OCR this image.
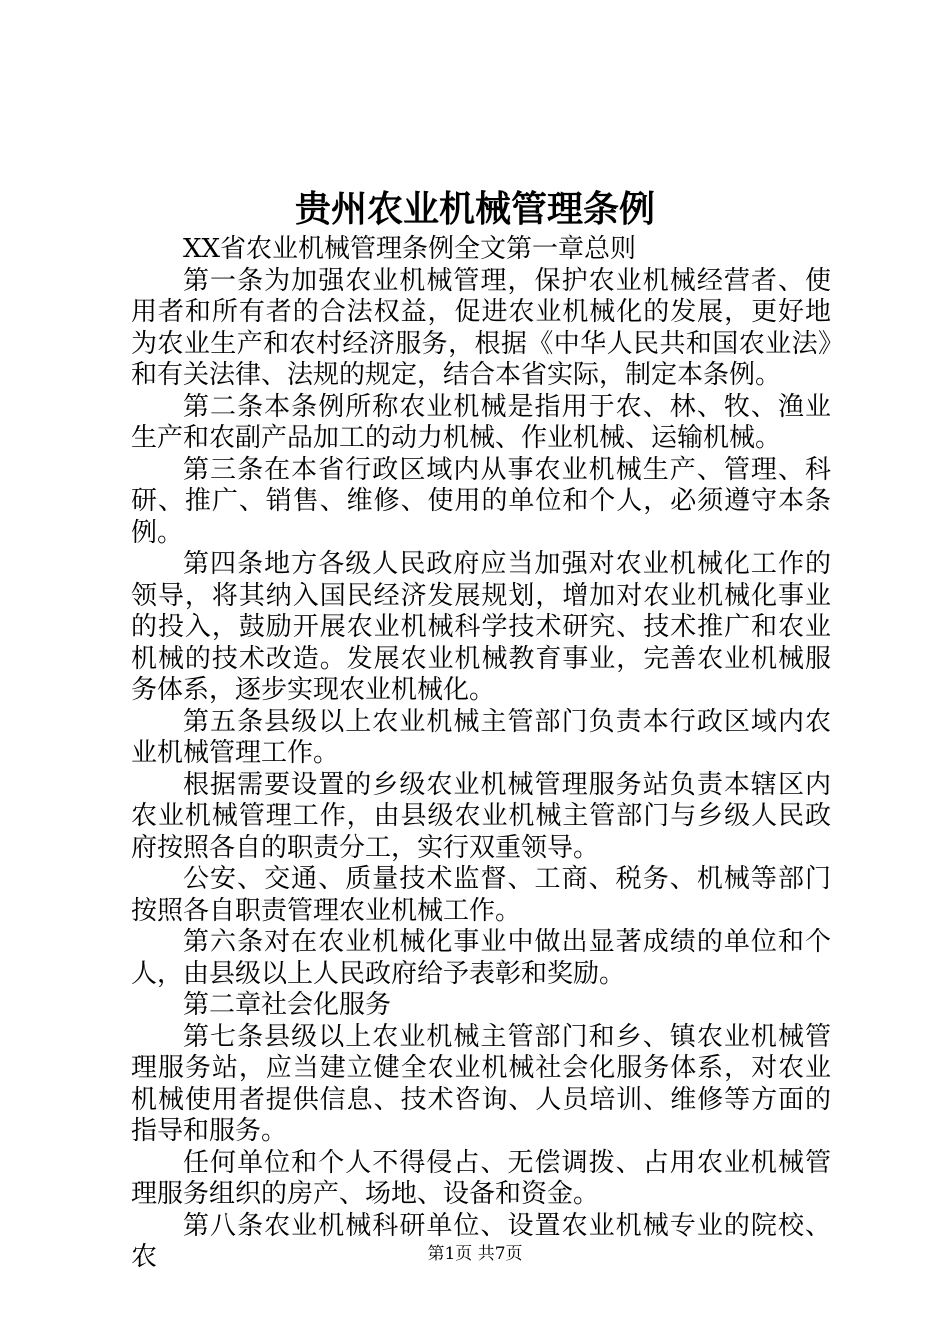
贵州农业机械管理条例

XX省农业机械管理条例全文第一章总则

第一条为加强农业机械管理，保护农业机械经营者、使用者和所有者的合法权益，促进农业机械化的发展，更好地为农业生产和农村经济服务，根据《中华人民共和国农业法》和有关法律、法规的规定，结合本省实际，制定本条例。

第二条本条例所称农业机械是指用于农、林、牧、渔业生产和农副产品加工的动力机械、作业机械、运输机械。

第三条在本省行政区域内从事农业机械生产、管理、科研、推广、销售、维修、使用的单位和个人，必须遵守本条例。

第四条地方各级人民政府应当加强对农业机械化工作的领导，将其纳入国民经济发展规划，增加对农业机械化事业的投入，鼓励开展农业机械科学技术研究、技术推广和农业机械的技术改造。发展农业机械教育事业，完善农业机械服务体系，逐步实现农业机械化。

第五条县级以上农业机械主管部门负责本行政区域内农业机械管理工作。

根据需要设置的乡级农业机械管理服务站负责本辖区内农业机械管理工作，由县级农业机械主管部门与乡级人民政府按照各自的职责分工，实行双重领导。

公安、交通、质量技术监督、工商、税务、机械等部门按照各自职责管理农业机械工作。

第六条对在农业机械化事业中做出显著成绩的单位和个人，由县级以上人民政府给予表彰和奖励。

第二章社会化服务

第七条县级以上农业机械主管部门和乡、镇农业机械管理服务站，应当建立健全农业机械社会化服务体系，对农业机械使用者提供信息、技术咨询、人员培训、维修等方面的指导和服务。

任何单位和个人不得侵占、无偿调拨、占用农业机械管理服务组织的房产、场地、设备和资金。

第八条农业机械科研单位、设置农业机械专业的院校、农	第1页 共7页
